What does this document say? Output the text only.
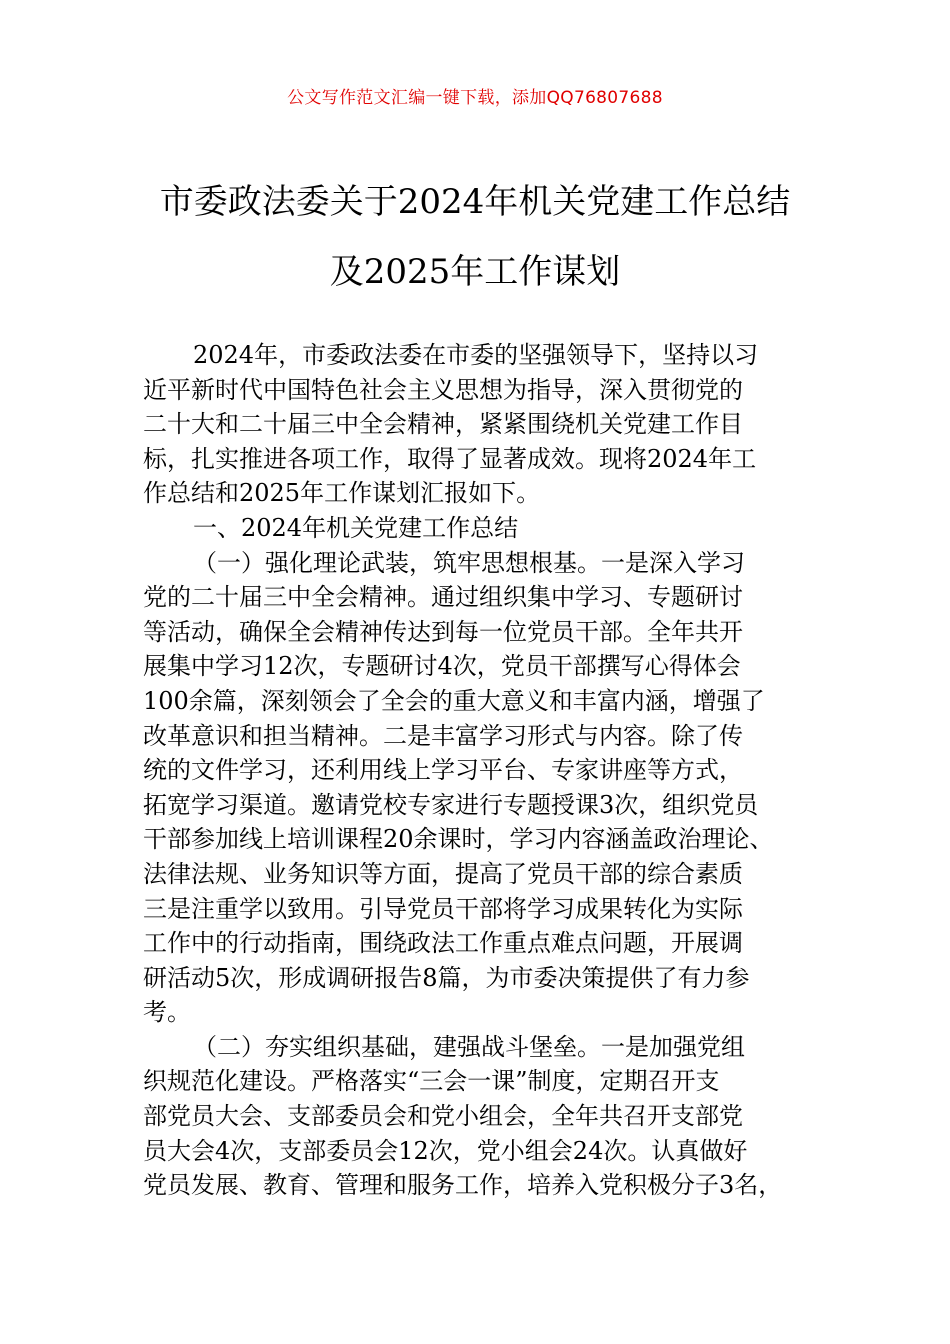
公文写作范文汇编一键下载，添加QQ76807688
市委政法委关于2024年机关党建工作总结
及2025年工作谋划
2024年，市委政法委在市委的坚强领导下，坚持以习
近平新时代中国特色社会主义思想为指导，深入贯彻党的
二十大和二十届三中全会精神，紧紧围绕机关党建工作目
标，扎实推进各项工作，取得了显著成效。现将2024年工
作总结和2025年工作谋划汇报如下。
一、2024年机关党建工作总结
（一）强化理论武装，筑牢思想根基。一是深入学习
党的二十届三中全会精神。通过组织集中学习、专题研讨
等活动，确保全会精神传达到每一位党员干部。全年共开
展集中学习12次，专题研讨4次，党员干部撰写心得体会
100余篇，深刻领会了全会的重大意义和丰富内涵，增强了
改革意识和担当精神。二是丰富学习形式与内容。除了传
统的文件学习，还利用线上学习平台、专家讲座等方式，
拓宽学习渠道。邀请党校专家进行专题授课3次，组织党员
干部参加线上培训课程20余课时，学习内容涵盖政治理论、
法律法规、业务知识等方面，提高了党员干部的综合素质
三是注重学以致用。引导党员干部将学习成果转化为实际
工作中的行动指南，围绕政法工作重点难点问题，开展调
研活动5次，形成调研报告8篇，为市委决策提供了有力参
考。
（二）夯实组织基础，建强战斗堡垒。一是加强党组
织规范化建设。严格落实“三会一课”制度，定期召开支
部党员大会、支部委员会和党小组会，全年共召开支部党
员大会4次，支部委员会12次，党小组会24次。认真做好
党员发展、教育、管理和服务工作，培养入党积极分子3名，
